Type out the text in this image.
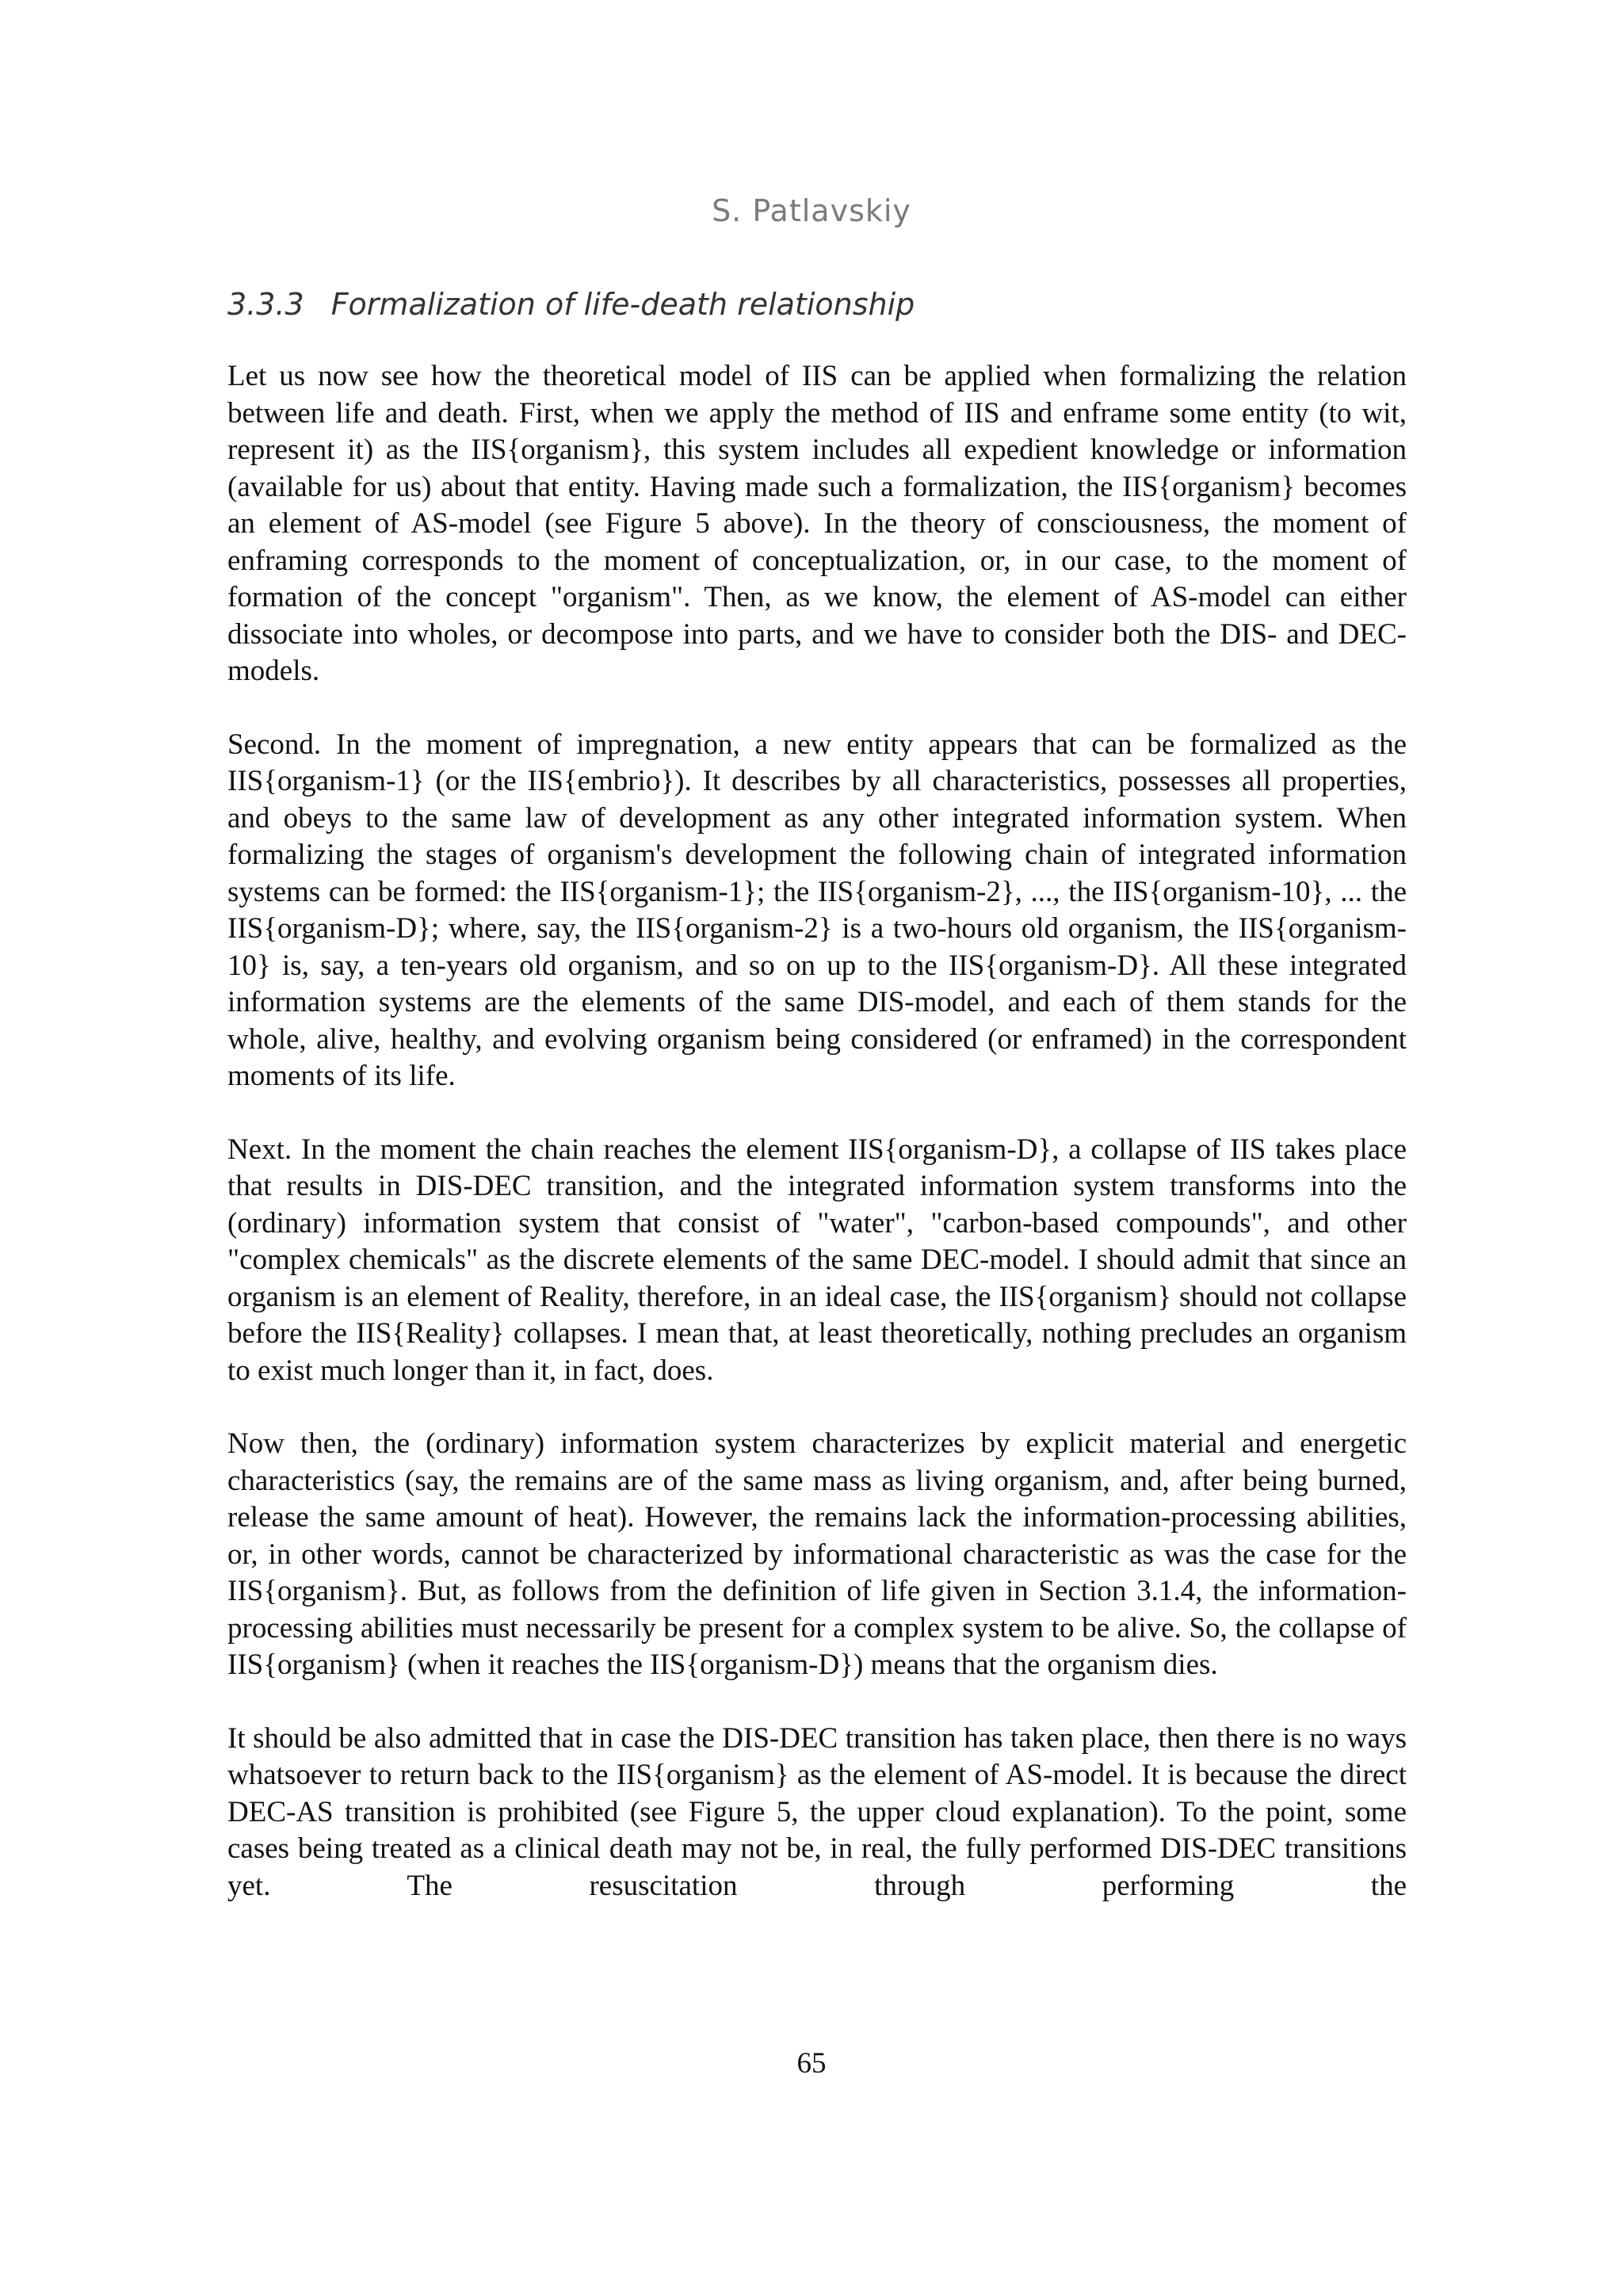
S. Patlavskiy
3.3.3 Formalization of life-death relationship

Let us now see how the theoretical model of IIS can be applied when formalizing the relation between life and death. First, when we apply the method of IIS and enframe some entity (to wit, represent it) as the IIS{organism}, this system includes all expedient knowledge or information (available for us) about that entity. Having made such a formalization, the IIS{organism} becomes an element of AS-model (see Figure 5 above). In the theory of consciousness, the moment of enframing corresponds to the moment of conceptualization, or, in our case, to the moment of formation of the concept "organism". Then, as we know, the element of AS-model can either dissociate into wholes, or decompose into parts, and we have to consider both the DIS- and DEC-models.

Second. In the moment of impregnation, a new entity appears that can be formalized as the IIS{organism-1} (or the IIS{embrio}). It describes by all characteristics, possesses all properties, and obeys to the same law of development as any other integrated information system. When formalizing the stages of organism's development the following chain of integrated information systems can be formed: the IIS{organism-1}; the IIS{organism-2}, ..., the IIS{organism-10}, ... the IIS{organism-D}; where, say, the IIS{organism-2} is a two-hours old organism, the IIS{organism-10} is, say, a ten-years old organism, and so on up to the IIS{organism-D}. All these integrated information systems are the elements of the same DIS-model, and each of them stands for the whole, alive, healthy, and evolving organism being considered (or enframed) in the correspondent moments of its life.

Next. In the moment the chain reaches the element IIS{organism-D}, a collapse of IIS takes place that results in DIS-DEC transition, and the integrated information system transforms into the (ordinary) information system that consist of "water", "carbon-based compounds", and other "complex chemicals" as the discrete elements of the same DEC-model. I should admit that since an organism is an element of Reality, therefore, in an ideal case, the IIS{organism} should not collapse before the IIS{Reality} collapses. I mean that, at least theoretically, nothing precludes an organism to exist much longer than it, in fact, does.

Now then, the (ordinary) information system characterizes by explicit material and energetic characteristics (say, the remains are of the same mass as living organism, and, after being burned, release the same amount of heat). However, the remains lack the information-processing abilities, or, in other words, cannot be characterized by informational characteristic as was the case for the IIS{organism}. But, as follows from the definition of life given in Section 3.1.4, the information-processing abilities must necessarily be present for a complex system to be alive. So, the collapse of IIS{organism} (when it reaches the IIS{organism-D}) means that the organism dies.

It should be also admitted that in case the DIS-DEC transition has taken place, then there is no ways whatsoever to return back to the IIS{organism} as the element of AS-model. It is because the direct DEC-AS transition is prohibited (see Figure 5, the upper cloud explanation). To the point, some cases being treated as a clinical death may not be, in real, the fully performed DIS-DEC transitions yet. The resuscitation through performing the

65
